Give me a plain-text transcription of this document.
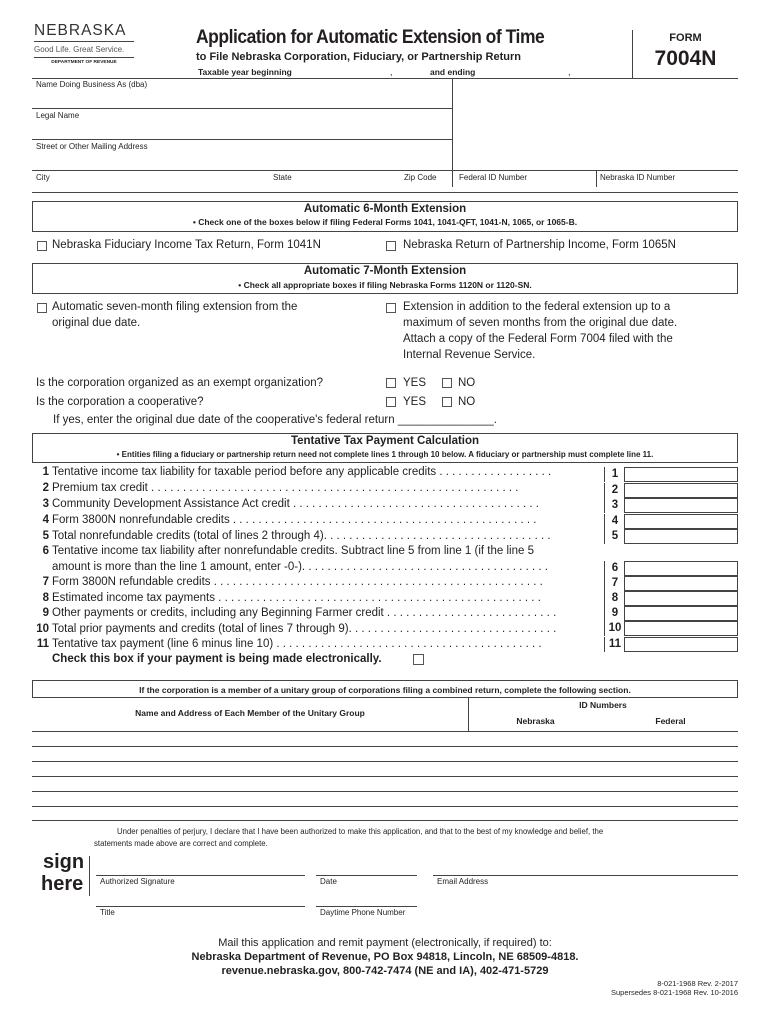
NEBRASKA
Good Life. Great Service.
DEPARTMENT OF REVENUE
Application for Automatic Extension of Time
to File Nebraska Corporation, Fiduciary, or Partnership Return
Taxable year beginning	,	and ending	,
FORM
7004N
Name Doing Business As (dba)
Legal Name
Street or Other Mailing Address
City	State	Zip Code	Federal ID Number	Nebraska ID Number
Automatic 6-Month Extension
• Check one of the boxes below if filing Federal Forms 1041, 1041-QFT, 1041-N, 1065, or 1065-B.
Nebraska Fiduciary Income Tax Return, Form 1041N	Nebraska Return of Partnership Income, Form 1065N
Automatic 7-Month Extension
• Check all appropriate boxes if filing Nebraska Forms 1120N or 1120-SN.
Automatic seven-month filing extension from the
original due date.
Extension in addition to the federal extension up to a
maximum of seven months from the original due date.
Attach a copy of the Federal Form 7004 filed with the
Internal Revenue Service.
Is the corporation organized as an exempt organization?	YES	NO
Is the corporation a cooperative?	YES	NO
If yes, enter the original due date of the cooperative's federal return _______________.
Tentative Tax Payment Calculation
• Entities filing a fiduciary or partnership return need not complete lines 1 through 10 below. A fiduciary or partnership must complete line 11.
1 Tentative income tax liability for taxable period before any applicable credits . . . . . . . . . . . . . . . . . .
2 Premium tax credit . . . . . . . . . . . . . . . . . . . . . . . . . . . . . . . . . . . . . . . . . . . . . . . . . . . . . . . . . .
3 Community Development Assistance Act credit . . . . . . . . . . . . . . . . . . . . . . . . . . . . . . . . . . . . . . .
4 Form 3800N nonrefundable credits . . . . . . . . . . . . . . . . . . . . . . . . . . . . . . . . . . . . . . . . . . . . . . . .
5 Total nonrefundable credits (total of lines 2 through 4). . . . . . . . . . . . . . . . . . . . . . . . . . . . . . . . . . . .
6 Tentative income tax liability after nonrefundable credits. Subtract line 5 from line 1 (if the line 5
amount is more than the line 1 amount, enter -0-). . . . . . . . . . . . . . . . . . . . . . . . . . . . . . . . . . . . . . .
7 Form 3800N refundable credits . . . . . . . . . . . . . . . . . . . . . . . . . . . . . . . . . . . . . . . . . . . . . . . . . . . .
8 Estimated income tax payments . . . . . . . . . . . . . . . . . . . . . . . . . . . . . . . . . . . . . . . . . . . . . . . . . . .
9 Other payments or credits, including any Beginning Farmer credit . . . . . . . . . . . . . . . . . . . . . . . . . . .
10 Total prior payments and credits (total of lines 7 through 9). . . . . . . . . . . . . . . . . . . . . . . . . . . . . . . . .
11 Tentative tax payment (line 6 minus line 10) . . . . . . . . . . . . . . . . . . . . . . . . . . . . . . . . . . . . . . . . . .
1
2
3
4
5
6
7
8
9
10
11
Check this box if your payment is being made electronically.
If the corporation is a member of a unitary group of corporations filing a combined return, complete the following section.
Name and Address of Each Member of the Unitary Group
ID Numbers
Nebraska	Federal
Under penalties of perjury, I declare that I have been authorized to make this application, and that to the best of my knowledge and belief, the
statements made above are correct and complete.
sign
here Authorized Signature	Date	Email Address
Title	Daytime Phone Number
Mail this application and remit payment (electronically, if required) to:
Nebraska Department of Revenue, PO Box 94818, Lincoln, NE 68509-4818.
revenue.nebraska.gov, 800-742-7474 (NE and IA), 402-471-5729
8-021-1968 Rev. 2-2017
Supersedes 8-021-1968 Rev. 10-2016
